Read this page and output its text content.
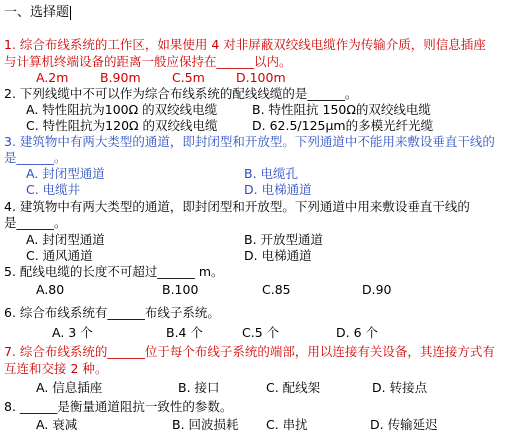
一、选择题
1. 综合布线系统的工作区，如果使用 4 对非屏蔽双绞线电缆作为传输介质，则信息插座
与计算机终端设备的距离一般应保持在______以内。
A.2m	B.90m	C.5m D.100m
2. 下列线缆中不可以作为综合布线系统的配线线缆的是______。
A. 特性阻抗为100Ω 的双绞线电缆	B. 特性阻抗 150Ω的双绞线电缆
C. 特性阻抗为120Ω 的双绞线电缆	D. 62.5/125μm的多模光纤光缆
3. 建筑物中有两大类型的通道，即封闭型和开放型。下列通道中不能用来敷设垂直干线的
是______。
A. 封闭型通道	B. 电缆孔
C. 电缆井	D. 电梯通道
4. 建筑物中有两大类型的通道，即封闭型和开放型。下列通道中用来敷设垂直干线的
是______。
A. 封闭型通道	B. 开放型通道
C. 通风通道	D. 电梯通道
5. 配线电缆的长度不可超过______ m。
A.80	B.100	C.85	D.90
6. 综合布线系统有______布线子系统。
A. 3 个	B.4 个	C.5 个	D. 6 个
7. 综合布线系统的______位于每个布线子系统的端部，用以连接有关设备，其连接方式有
互连和交接 2 种。
A. 信息插座	B. 接口	C. 配线架	D. 转接点
8. ______是衡量通道阻抗一致性的参数。
A. 衰减	B. 回波损耗 C. 串扰	D. 传输延迟
